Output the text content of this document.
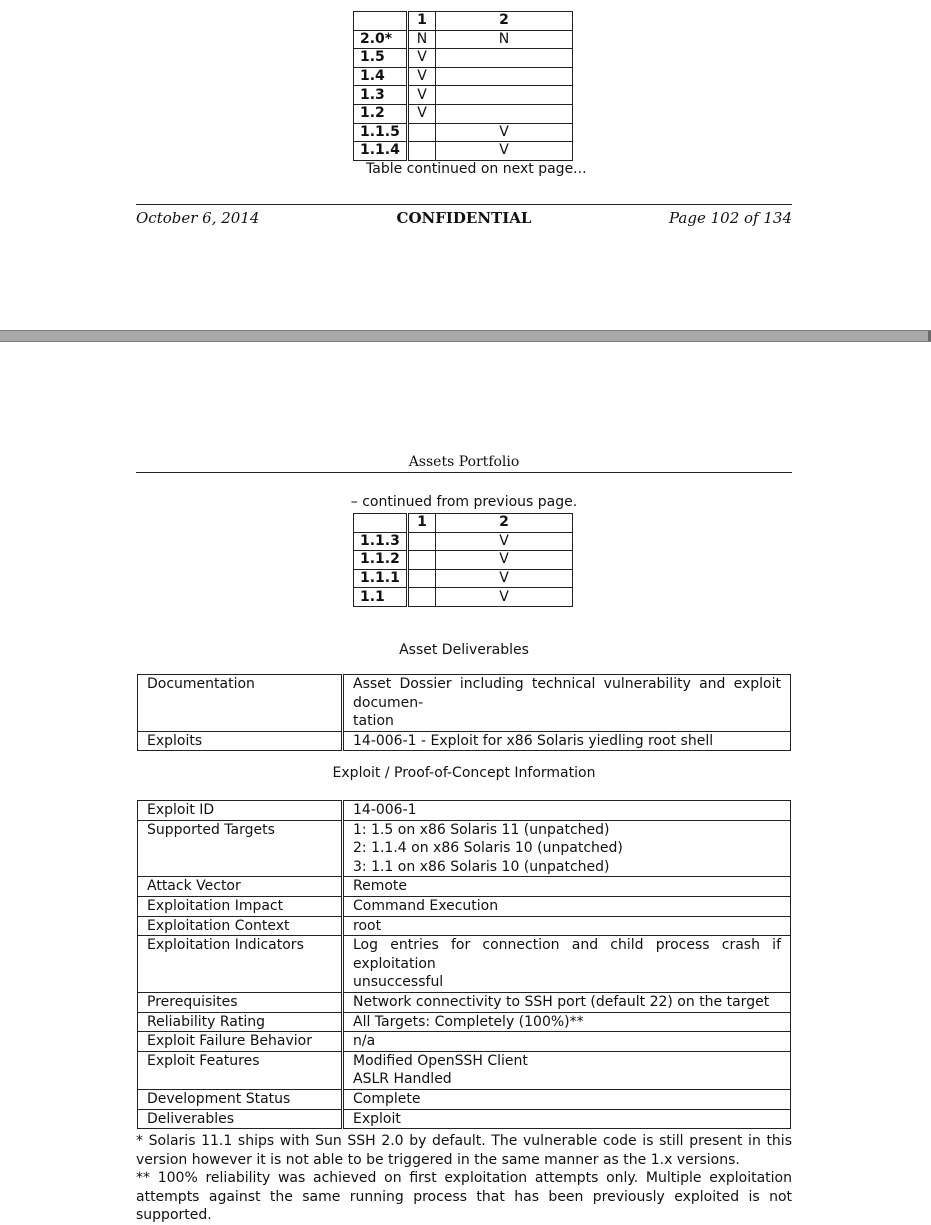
	1	2
2.0*	N	N
1.5	V	
1.4	V	
1.3	V	
1.2	V	
1.1.5		V
1.1.4		V
Table continued on next page...
October 6, 2014	CONFIDENTIAL	Page 102 of 134
Assets Portfolio
– continued from previous page.
	1	2
1.1.3		V
1.1.2		V
1.1.1		V
1.1		V
Asset Deliverables
Documentation	Asset Dossier including technical vulnerability and exploit documen-
	tation
Exploits	14-006-1 - Exploit for x86 Solaris yiedling root shell
Exploit / Proof-of-Concept Information
Exploit ID	14-006-1
Supported Targets	1: 1.5 on x86 Solaris 11 (unpatched)
	2: 1.1.4 on x86 Solaris 10 (unpatched)
	3: 1.1 on x86 Solaris 10 (unpatched)
Attack Vector	Remote
Exploitation Impact	Command Execution
Exploitation Context	root
Exploitation Indicators	Log entries for connection and child process crash if exploitation
	unsuccessful
Prerequisites	Network connectivity to SSH port (default 22) on the target
Reliability Rating	All Targets: Completely (100%)**
Exploit Failure Behavior	n/a
Exploit Features	Modified OpenSSH Client
	ASLR Handled
Development Status	Complete
Deliverables	Exploit

* Solaris 11.1 ships with Sun SSH 2.0 by default. The vulnerable code is still present in this version however it is not able to be triggered in the same manner as the 1.x versions.

** 100% reliability was achieved on first exploitation attempts only. Multiple exploitation attempts against the same running process that has been previously exploited is not supported.
